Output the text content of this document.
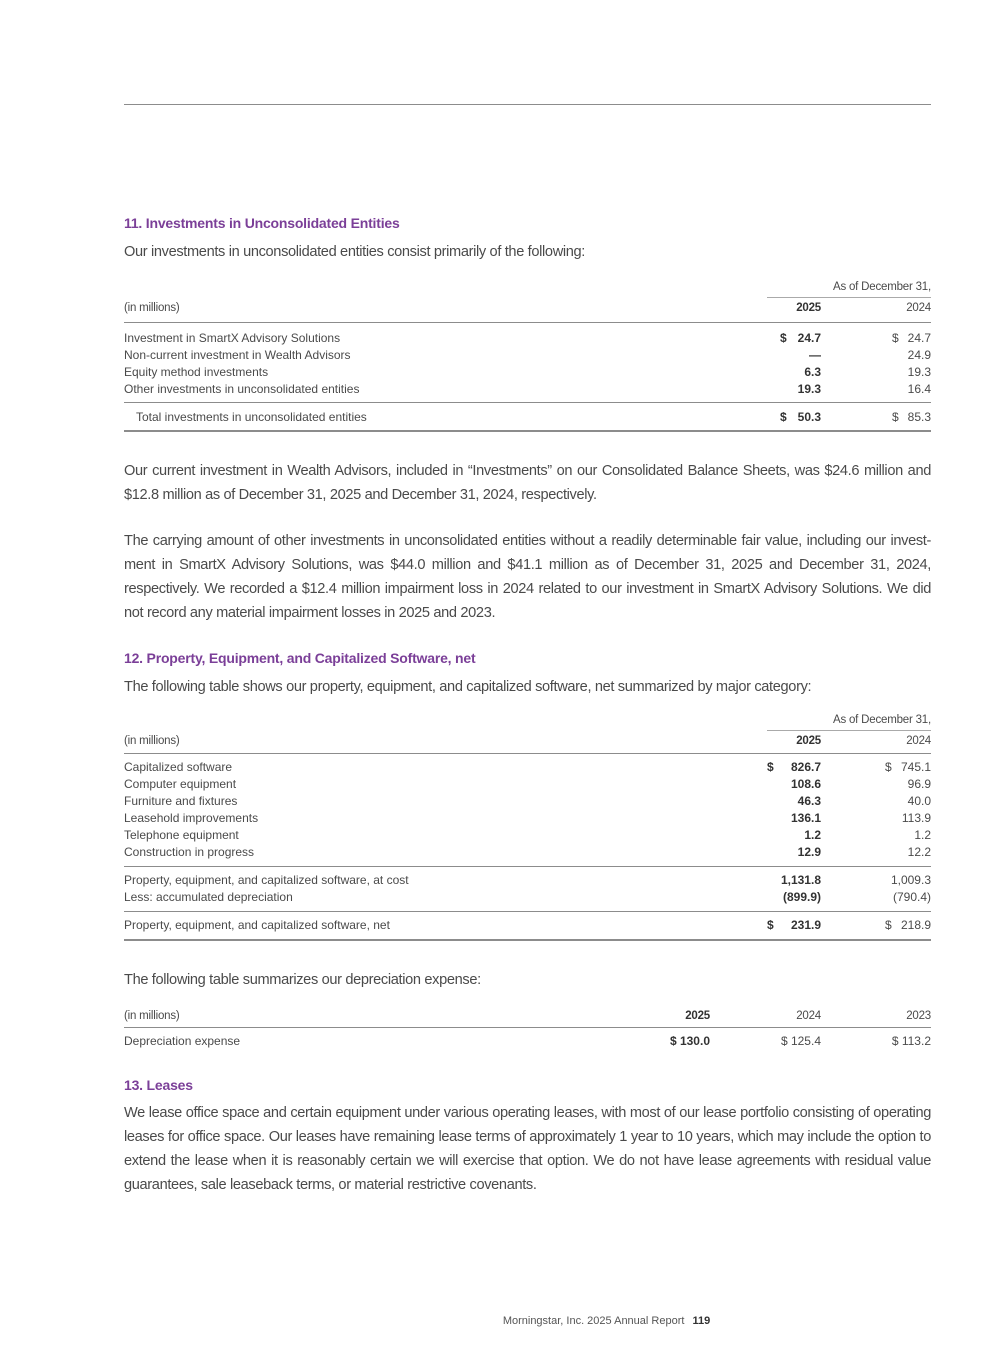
11. Investments in Unconsolidated Entities
Our investments in unconsolidated entities consist primarily of the following:
As of December 31,
(in millions)	2025	2024
Investment in SmartX Advisory Solutions	$ 24.7	$ 24.7
Non-current investment in Wealth Advisors	—	24.9
Equity method investments	6.3	19.3
Other investments in unconsolidated entities	19.3	16.4
Total investments in unconsolidated entities	$ 50.3	$ 85.3
Our current investment in Wealth Advisors, included in “Investments” on our Consolidated Balance Sheets, was $24.6 million and $12.8 million as of December 31, 2025 and December 31, 2024, respectively.
The carrying amount of other investments in unconsolidated entities without a readily determinable fair value, including our invest-ment in SmartX Advisory Solutions, was $44.0 million and $41.1 million as of December 31, 2025 and December 31, 2024, respectively. We recorded a $12.4 million impairment loss in 2024 related to our investment in SmartX Advisory Solutions. We did not record any material impairment losses in 2025 and 2023.
12. Property, Equipment, and Capitalized Software, net
The following table shows our property, equipment, and capitalized software, net summarized by major category:
As of December 31,
(in millions)	2025	2024
Capitalized software	$ 826.7	$ 745.1
Computer equipment	108.6	96.9
Furniture and fixtures	46.3	40.0
Leasehold improvements	136.1	113.9
Telephone equipment	1.2	1.2
Construction in progress	12.9	12.2
Property, equipment, and capitalized software, at cost	1,131.8	1,009.3
Less: accumulated depreciation	(899.9)	(790.4)
Property, equipment, and capitalized software, net	$ 231.9	$ 218.9
The following table summarizes our depreciation expense:
(in millions)	2025	2024	2023
Depreciation expense	$ 130.0	$ 125.4	$ 113.2
13. Leases
We lease office space and certain equipment under various operating leases, with most of our lease portfolio consisting of operating leases for office space. Our leases have remaining lease terms of approximately 1 year to 10 years, which may include the option to extend the lease when it is reasonably certain we will exercise that option. We do not have lease agreements with residual value guarantees, sale leaseback terms, or material restrictive covenants.
Morningstar, Inc. 2025 Annual Report 119
